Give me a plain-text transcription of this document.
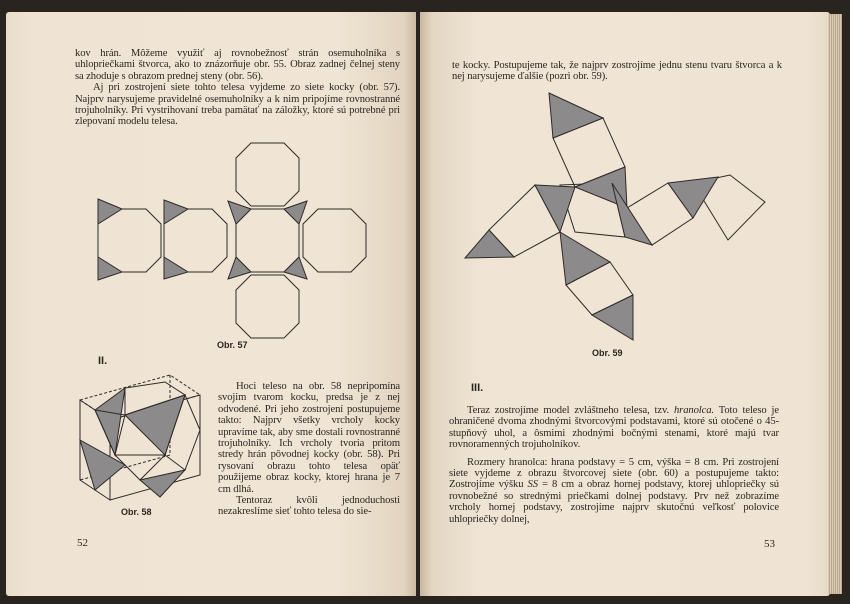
kov hrán. Môžeme využiť aj rovnobežnosť strán osemuholníka s uhlopriečkami štvorca, ako to znázorňuje obr. 55. Obraz zadnej čelnej steny sa zhoduje s obrazom prednej steny (obr. 56).

Aj pri zostrojení siete tohto telesa vyjdeme zo siete kocky (obr. 57). Najprv narysujeme pravidelné osemuholníky a k nim pripojíme rovnostranné trojuholníky. Pri vystrihovaní treba pamätať na záložky, ktoré sú potrebné pri zlepovaní modelu telesa.

Obr. 57
II.
Obr. 58

Hoci teleso na obr. 58 nepripomína svojim tvarom kocku, predsa je z nej odvodené. Pri jeho zostrojení postupujeme takto: Najprv všetky vrcholy kocky upravíme tak, aby sme dostali rovnostranné trojuholníky. Ich vrcholy tvoria pritom stredy hrán pôvodnej kocky (obr. 58). Pri rysovaní obrazu tohto telesa opäť použijeme obraz kocky, ktorej hrana je 7 cm dlhá.

Tentoraz kvôli jednoduchosti nezakreslíme sieť tohto telesa do sie-

52

te kocky. Postupujeme tak, že najprv zostrojíme jednu stenu tvaru štvorca a k nej narysujeme ďalšie (pozri obr. 59).

Obr. 59
III.

Teraz zostrojíme model zvláštneho telesa, tzv. hranolca. Toto teleso je ohraničené dvoma zhodnými štvorcovými podstavami, ktoré sú otočené o 45-stupňový uhol, a ôsmimi zhodnými bočnými stenami, ktoré majú tvar rovnoramenných trojuholníkov.

Rozmery hranolca: hrana podstavy = 5 cm, výška = 8 cm. Pri zostrojení siete vyjdeme z obrazu štvorcovej siete (obr. 60) a postupujeme takto: Zostrojíme výšku SS = 8 cm a obraz hornej podstavy, ktorej uhlopriečky sú rovnobežné so strednými priečkami dolnej podstavy. Prv než zobrazíme vrcholy hornej podstavy, zostrojíme najprv skutočnú veľkosť polovice uhlopriečky dolnej,

53
